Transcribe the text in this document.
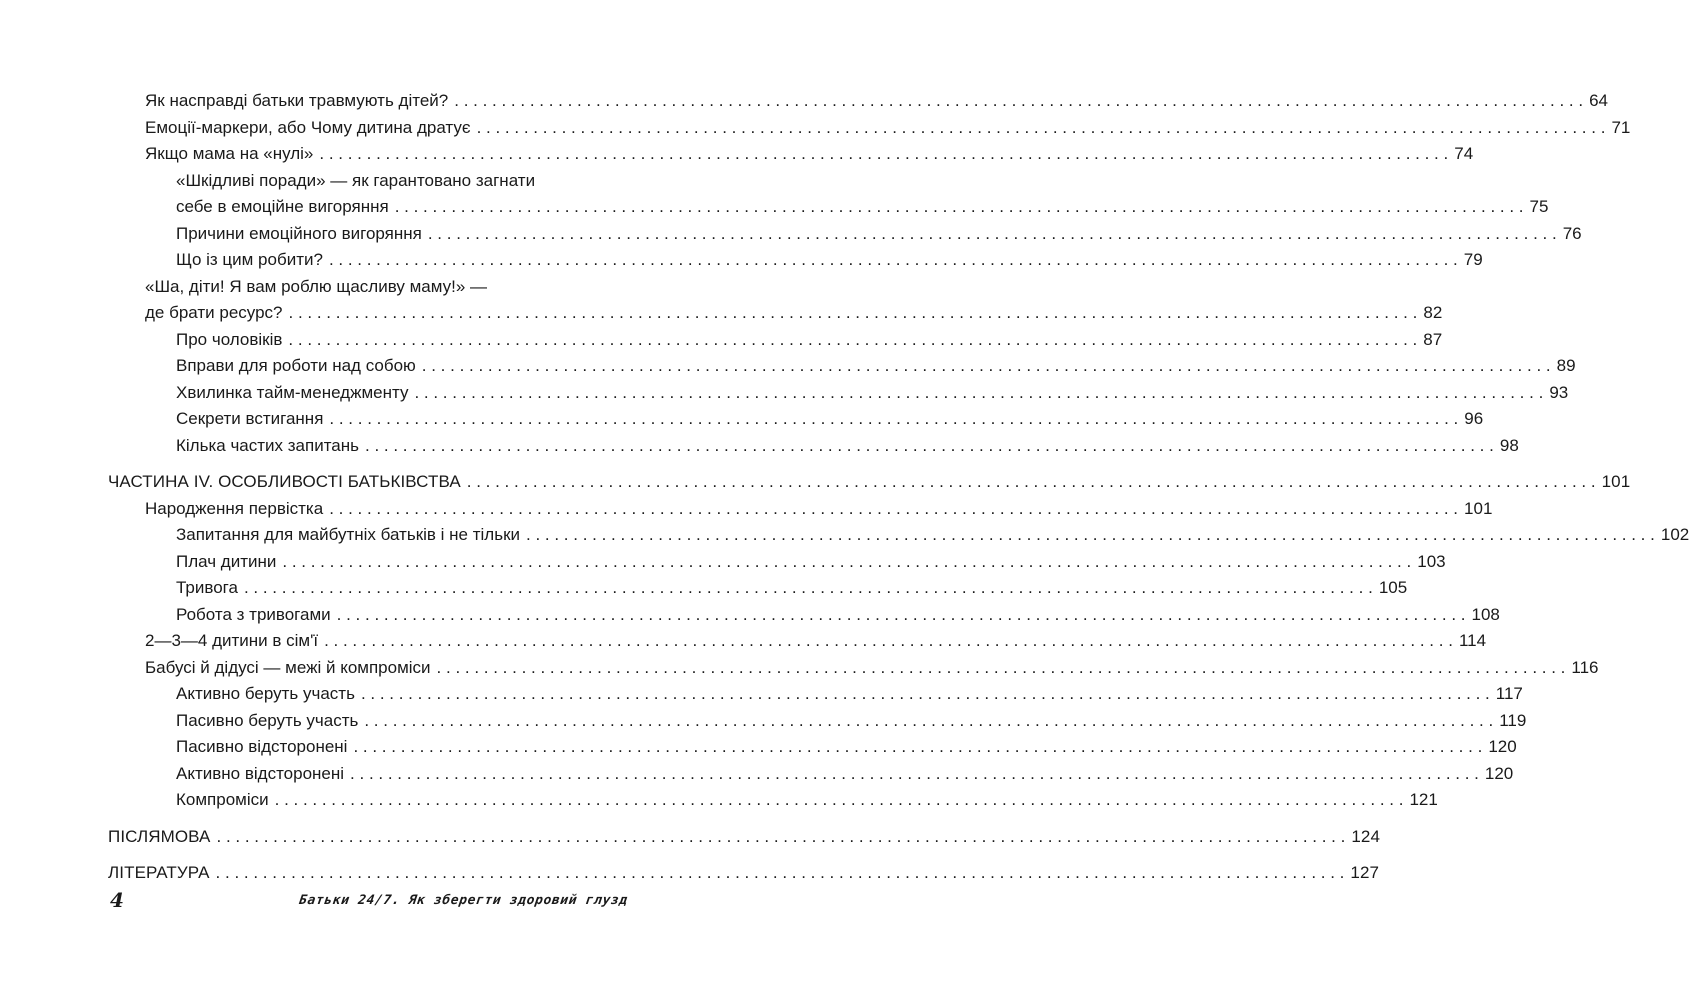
Як насправді батьки травмують дітей? . . . . . . . . . . . . . . . . . . . . . . . . . . . . . . . . . . . . . . . . . . . . . . . . . . . . . . . . . . . . . . . . . . . . . . . . . . . . . . . . . . . . . . . . . . . . . . . . . . . . . . . . . . . . . . . . . . . . . . . . 64
Емоції-маркери, або Чому дитина дратує . . . . . . . . . . . . . . . . . . . . . . . . . . . . . . . . . . . . . . . . . . . . . . . . . . . . . . . . . . . . . . . . . . . . . . . . . . . . . . . . . . . . . . . . . . . . . . . . . . . . . . . . . . . . . . . . . . . . . . . . 71
Якщо мама на «нулі» . . . . . . . . . . . . . . . . . . . . . . . . . . . . . . . . . . . . . . . . . . . . . . . . . . . . . . . . . . . . . . . . . . . . . . . . . . . . . . . . . . . . . . . . . . . . . . . . . . . . . . . . . . . . . . . . . . . . . . . . 74
«Шкідливі поради» — як гарантовано загнати
себе в емоційне вигоряння . . . . . . . . . . . . . . . . . . . . . . . . . . . . . . . . . . . . . . . . . . . . . . . . . . . . . . . . . . . . . . . . . . . . . . . . . . . . . . . . . . . . . . . . . . . . . . . . . . . . . . . . . . . . . . . . . . . . . . . . 75
Причини емоційного вигоряння . . . . . . . . . . . . . . . . . . . . . . . . . . . . . . . . . . . . . . . . . . . . . . . . . . . . . . . . . . . . . . . . . . . . . . . . . . . . . . . . . . . . . . . . . . . . . . . . . . . . . . . . . . . . . . . . . . . . . . . . 76
Що із цим робити? . . . . . . . . . . . . . . . . . . . . . . . . . . . . . . . . . . . . . . . . . . . . . . . . . . . . . . . . . . . . . . . . . . . . . . . . . . . . . . . . . . . . . . . . . . . . . . . . . . . . . . . . . . . . . . . . . . . . . . . . 79
«Ша, діти! Я вам роблю щасливу маму!» —
де брати ресурс? . . . . . . . . . . . . . . . . . . . . . . . . . . . . . . . . . . . . . . . . . . . . . . . . . . . . . . . . . . . . . . . . . . . . . . . . . . . . . . . . . . . . . . . . . . . . . . . . . . . . . . . . . . . . . . . . . . . . . . . . 82
Про чоловіків . . . . . . . . . . . . . . . . . . . . . . . . . . . . . . . . . . . . . . . . . . . . . . . . . . . . . . . . . . . . . . . . . . . . . . . . . . . . . . . . . . . . . . . . . . . . . . . . . . . . . . . . . . . . . . . . . . . . . . . . 87
Вправи для роботи над собою . . . . . . . . . . . . . . . . . . . . . . . . . . . . . . . . . . . . . . . . . . . . . . . . . . . . . . . . . . . . . . . . . . . . . . . . . . . . . . . . . . . . . . . . . . . . . . . . . . . . . . . . . . . . . . . . . . . . . . . . 89
Хвилинка тайм-менеджменту . . . . . . . . . . . . . . . . . . . . . . . . . . . . . . . . . . . . . . . . . . . . . . . . . . . . . . . . . . . . . . . . . . . . . . . . . . . . . . . . . . . . . . . . . . . . . . . . . . . . . . . . . . . . . . . . . . . . . . . . 93
Секрети встигання . . . . . . . . . . . . . . . . . . . . . . . . . . . . . . . . . . . . . . . . . . . . . . . . . . . . . . . . . . . . . . . . . . . . . . . . . . . . . . . . . . . . . . . . . . . . . . . . . . . . . . . . . . . . . . . . . . . . . . . . 96
Кілька частих запитань . . . . . . . . . . . . . . . . . . . . . . . . . . . . . . . . . . . . . . . . . . . . . . . . . . . . . . . . . . . . . . . . . . . . . . . . . . . . . . . . . . . . . . . . . . . . . . . . . . . . . . . . . . . . . . . . . . . . . . . . 98
ЧАСТИНА IV. ОСОБЛИВОСТІ БАТЬКІВСТВА . . . . . . . . . . . . . . . . . . . . . . . . . . . . . . . . . . . . . . . . . . . . . . . . . . . . . . . . . . . . . . . . . . . . . . . . . . . . . . . . . . . . . . . . . . . . . . . . . . . . . . . . . . . . . . . . . . . . . . . . 101
Народження первістка . . . . . . . . . . . . . . . . . . . . . . . . . . . . . . . . . . . . . . . . . . . . . . . . . . . . . . . . . . . . . . . . . . . . . . . . . . . . . . . . . . . . . . . . . . . . . . . . . . . . . . . . . . . . . . . . . . . . . . . . 101
Запитання для майбутніх батьків і не тільки . . . . . . . . . . . . . . . . . . . . . . . . . . . . . . . . . . . . . . . . . . . . . . . . . . . . . . . . . . . . . . . . . . . . . . . . . . . . . . . . . . . . . . . . . . . . . . . . . . . . . . . . . . . . . . . . . . . . . . . . 102
Плач дитини . . . . . . . . . . . . . . . . . . . . . . . . . . . . . . . . . . . . . . . . . . . . . . . . . . . . . . . . . . . . . . . . . . . . . . . . . . . . . . . . . . . . . . . . . . . . . . . . . . . . . . . . . . . . . . . . . . . . . . . . 103
Тривога . . . . . . . . . . . . . . . . . . . . . . . . . . . . . . . . . . . . . . . . . . . . . . . . . . . . . . . . . . . . . . . . . . . . . . . . . . . . . . . . . . . . . . . . . . . . . . . . . . . . . . . . . . . . . . . . . . . . . . . . 105
Робота з тривогами . . . . . . . . . . . . . . . . . . . . . . . . . . . . . . . . . . . . . . . . . . . . . . . . . . . . . . . . . . . . . . . . . . . . . . . . . . . . . . . . . . . . . . . . . . . . . . . . . . . . . . . . . . . . . . . . . . . . . . . . 108
2—3—4 дитини в сім'ї . . . . . . . . . . . . . . . . . . . . . . . . . . . . . . . . . . . . . . . . . . . . . . . . . . . . . . . . . . . . . . . . . . . . . . . . . . . . . . . . . . . . . . . . . . . . . . . . . . . . . . . . . . . . . . . . . . . . . . . . 114
Бабусі й дідусі — межі й компроміси . . . . . . . . . . . . . . . . . . . . . . . . . . . . . . . . . . . . . . . . . . . . . . . . . . . . . . . . . . . . . . . . . . . . . . . . . . . . . . . . . . . . . . . . . . . . . . . . . . . . . . . . . . . . . . . . . . . . . . . . 116
Активно беруть участь . . . . . . . . . . . . . . . . . . . . . . . . . . . . . . . . . . . . . . . . . . . . . . . . . . . . . . . . . . . . . . . . . . . . . . . . . . . . . . . . . . . . . . . . . . . . . . . . . . . . . . . . . . . . . . . . . . . . . . . . 117
Пасивно беруть участь . . . . . . . . . . . . . . . . . . . . . . . . . . . . . . . . . . . . . . . . . . . . . . . . . . . . . . . . . . . . . . . . . . . . . . . . . . . . . . . . . . . . . . . . . . . . . . . . . . . . . . . . . . . . . . . . . . . . . . . . 119
Пасивно відсторонені . . . . . . . . . . . . . . . . . . . . . . . . . . . . . . . . . . . . . . . . . . . . . . . . . . . . . . . . . . . . . . . . . . . . . . . . . . . . . . . . . . . . . . . . . . . . . . . . . . . . . . . . . . . . . . . . . . . . . . . . 120
Активно відсторонені . . . . . . . . . . . . . . . . . . . . . . . . . . . . . . . . . . . . . . . . . . . . . . . . . . . . . . . . . . . . . . . . . . . . . . . . . . . . . . . . . . . . . . . . . . . . . . . . . . . . . . . . . . . . . . . . . . . . . . . . 120
Компроміси . . . . . . . . . . . . . . . . . . . . . . . . . . . . . . . . . . . . . . . . . . . . . . . . . . . . . . . . . . . . . . . . . . . . . . . . . . . . . . . . . . . . . . . . . . . . . . . . . . . . . . . . . . . . . . . . . . . . . . . . 121
ПІСЛЯМОВА . . . . . . . . . . . . . . . . . . . . . . . . . . . . . . . . . . . . . . . . . . . . . . . . . . . . . . . . . . . . . . . . . . . . . . . . . . . . . . . . . . . . . . . . . . . . . . . . . . . . . . . . . . . . . . . . . . . . . . . . 124
ЛІТЕРАТУРА . . . . . . . . . . . . . . . . . . . . . . . . . . . . . . . . . . . . . . . . . . . . . . . . . . . . . . . . . . . . . . . . . . . . . . . . . . . . . . . . . . . . . . . . . . . . . . . . . . . . . . . . . . . . . . . . . . . . . . . . 127
4	Батьки 24/7. Як зберегти здоровий глузд
